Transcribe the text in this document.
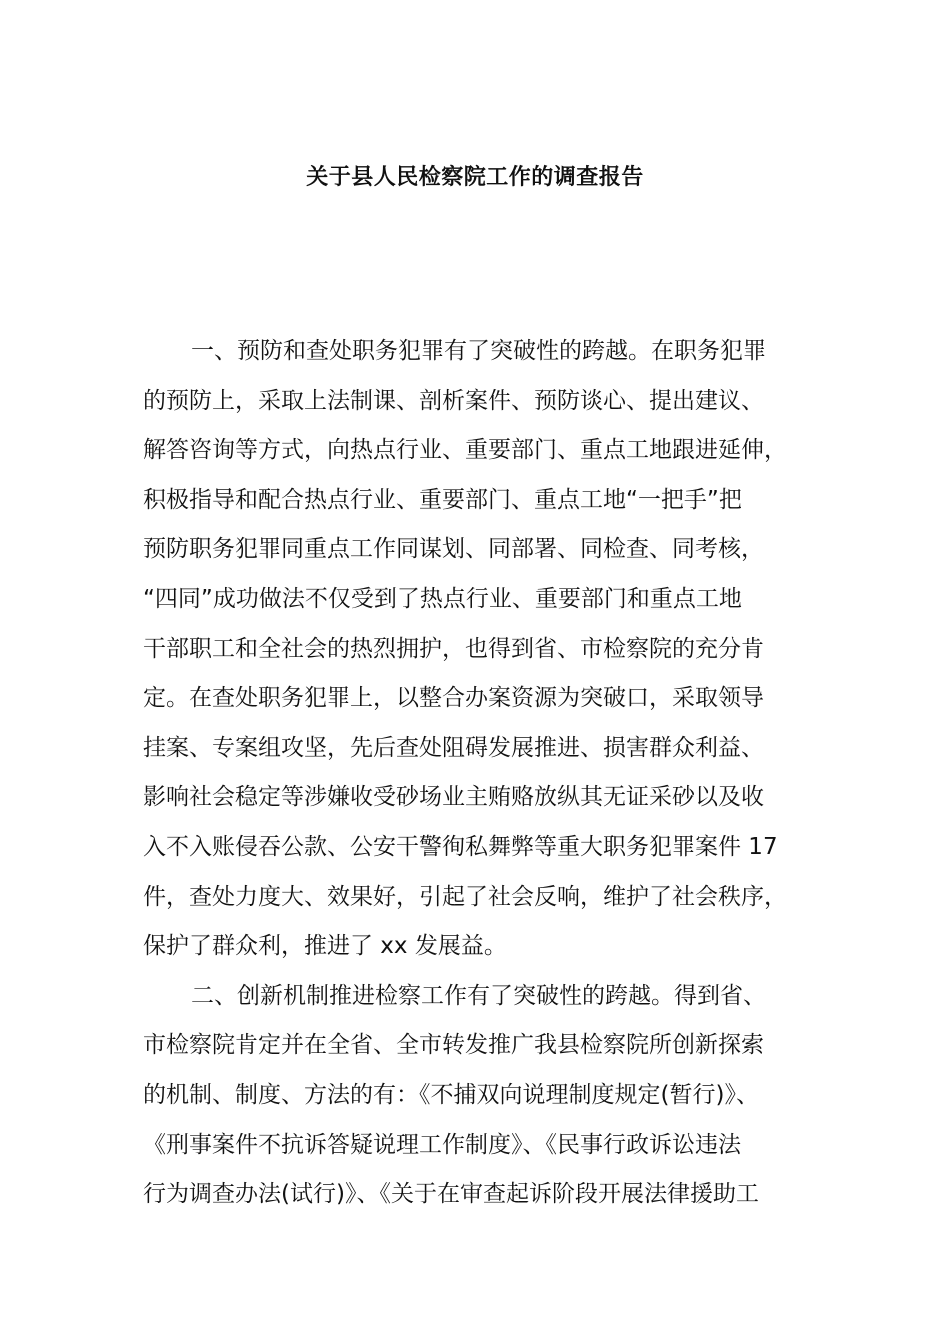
关于县人民检察院工作的调查报告
一、预防和查处职务犯罪有了突破性的跨越。在职务犯罪
的预防上，采取上法制课、剖析案件、预防谈心、提出建议、
解答咨询等方式，向热点行业、重要部门、重点工地跟进延伸，
积极指导和配合热点行业、重要部门、重点工地“一把手”把
预防职务犯罪同重点工作同谋划、同部署、同检查、同考核，
“四同”成功做法不仅受到了热点行业、重要部门和重点工地
干部职工和全社会的热烈拥护，也得到省、市检察院的充分肯
定。在查处职务犯罪上，以整合办案资源为突破口，采取领导
挂案、专案组攻坚，先后查处阻碍发展推进、损害群众利益、
影响社会稳定等涉嫌收受砂场业主贿赂放纵其无证采砂以及收
入不入账侵吞公款、公安干警徇私舞弊等重大职务犯罪案件 17
件，查处力度大、效果好，引起了社会反响，维护了社会秩序，
保护了群众利，推进了 xx 发展益。
二、创新机制推进检察工作有了突破性的跨越。得到省、
市检察院肯定并在全省、全市转发推广我县检察院所创新探索
的机制、制度、方法的有：《不捕双向说理制度规定(暂行)》、
《刑事案件不抗诉答疑说理工作制度》、《民事行政诉讼违法
行为调查办法(试行)》、《关于在审查起诉阶段开展法律援助工
